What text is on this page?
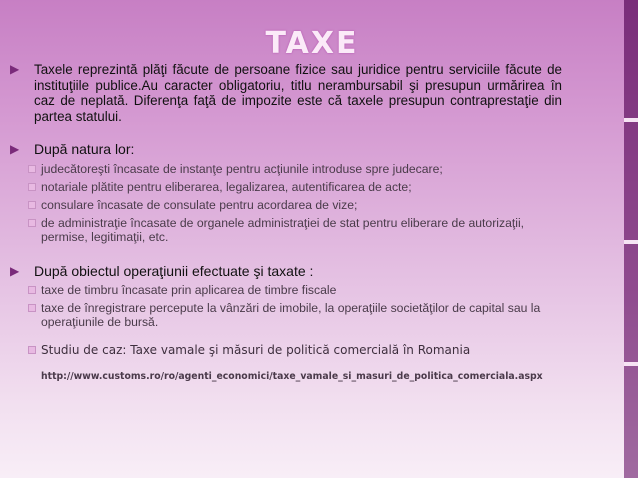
TAXE
▶ Taxele reprezintă plăţi făcute de persoane fizice sau juridice pentru serviciile făcute de instituţiile publice.Au caracter obligatoriu, titlu nerambursabil şi presupun urmărirea în caz de neplată. Diferenţa faţă de impozite este că taxele presupun contraprestaţie din partea statului.
▶ După natura lor:
judecătoreşti încasate de instanţe pentru acţiunile introduse spre judecare;
notariale plătite pentru eliberarea, legalizarea, autentificarea de acte;
consulare încasate de consulate pentru acordarea de vize;
de administraţie încasate de organele administraţiei de stat pentru eliberare de autorizaţii, permise, legitimaţii, etc.
▶ După obiectul operaţiunii efectuate şi taxate :
taxe de timbru încasate prin aplicarea de timbre fiscale
taxe de înregistrare percepute la vânzări de imobile, la operaţiile societăţilor de capital sau la operaţiunile de bursă.
Studiu de caz: Taxe vamale şi măsuri de politică comercială în Romania
http://www.customs.ro/ro/agenti_economici/taxe_vamale_si_masuri_de_politica_comerciala.aspx
